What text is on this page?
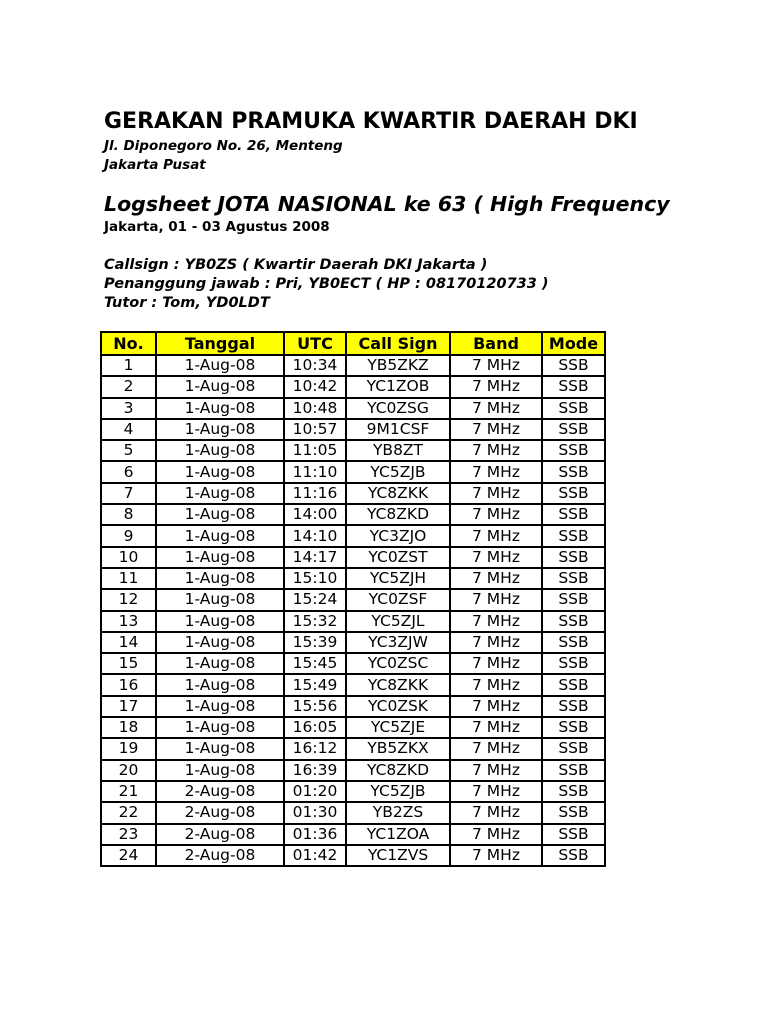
GERAKAN PRAMUKA KWARTIR DAERAH DKI
Jl. Diponegoro No. 26, Menteng
Jakarta Pusat
Logsheet JOTA NASIONAL ke 63 ( High Frequency
Jakarta, 01 - 03 Agustus 2008
Callsign : YB0ZS ( Kwartir Daerah DKI Jakarta )
Penanggung jawab : Pri, YB0ECT ( HP : 08170120733 )
Tutor : Tom, YD0LDT
No.	Tanggal	UTC	Call Sign	Band	Mode
1	1-Aug-08	10:34	YB5ZKZ	7 MHz	SSB
2	1-Aug-08	10:42	YC1ZOB	7 MHz	SSB
3	1-Aug-08	10:48	YC0ZSG	7 MHz	SSB
4	1-Aug-08	10:57	9M1CSF	7 MHz	SSB
5	1-Aug-08	11:05	YB8ZT	7 MHz	SSB
6	1-Aug-08	11:10	YC5ZJB	7 MHz	SSB
7	1-Aug-08	11:16	YC8ZKK	7 MHz	SSB
8	1-Aug-08	14:00	YC8ZKD	7 MHz	SSB
9	1-Aug-08	14:10	YC3ZJO	7 MHz	SSB
10	1-Aug-08	14:17	YC0ZST	7 MHz	SSB
11	1-Aug-08	15:10	YC5ZJH	7 MHz	SSB
12	1-Aug-08	15:24	YC0ZSF	7 MHz	SSB
13	1-Aug-08	15:32	YC5ZJL	7 MHz	SSB
14	1-Aug-08	15:39	YC3ZJW	7 MHz	SSB
15	1-Aug-08	15:45	YC0ZSC	7 MHz	SSB
16	1-Aug-08	15:49	YC8ZKK	7 MHz	SSB
17	1-Aug-08	15:56	YC0ZSK	7 MHz	SSB
18	1-Aug-08	16:05	YC5ZJE	7 MHz	SSB
19	1-Aug-08	16:12	YB5ZKX	7 MHz	SSB
20	1-Aug-08	16:39	YC8ZKD	7 MHz	SSB
21	2-Aug-08	01:20	YC5ZJB	7 MHz	SSB
22	2-Aug-08	01:30	YB2ZS	7 MHz	SSB
23	2-Aug-08	01:36	YC1ZOA	7 MHz	SSB
24	2-Aug-08	01:42	YC1ZVS	7 MHz	SSB
